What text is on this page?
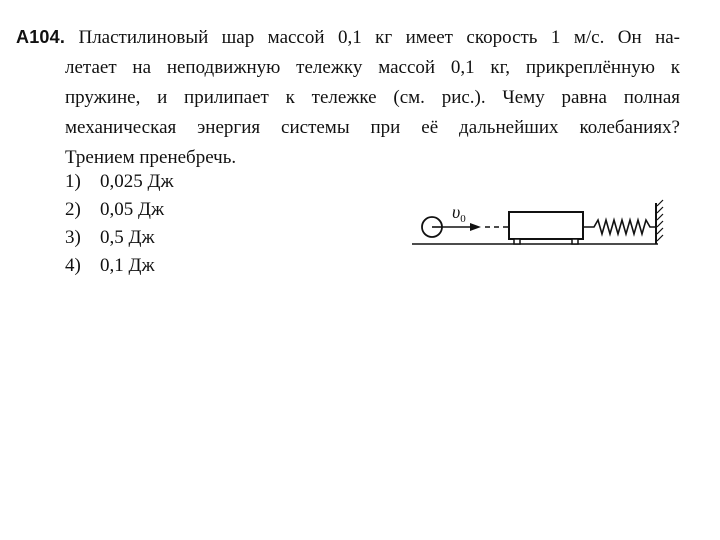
А104. Пластилиновый шар массой 0,1 кг имеет скорость 1 м/с. Он на-
летает на неподвижную тележку массой 0,1 кг, прикреплённую к
пружине, и прилипает к тележке (см. рис.). Чему равна полная
механическая энергия системы при её дальнейших колебаниях?
Трением пренебречь.
1)	0,025 Дж
2)	0,05 Дж
3)	0,5 Дж
4)	0,1 Дж
$\upsilon_0$
